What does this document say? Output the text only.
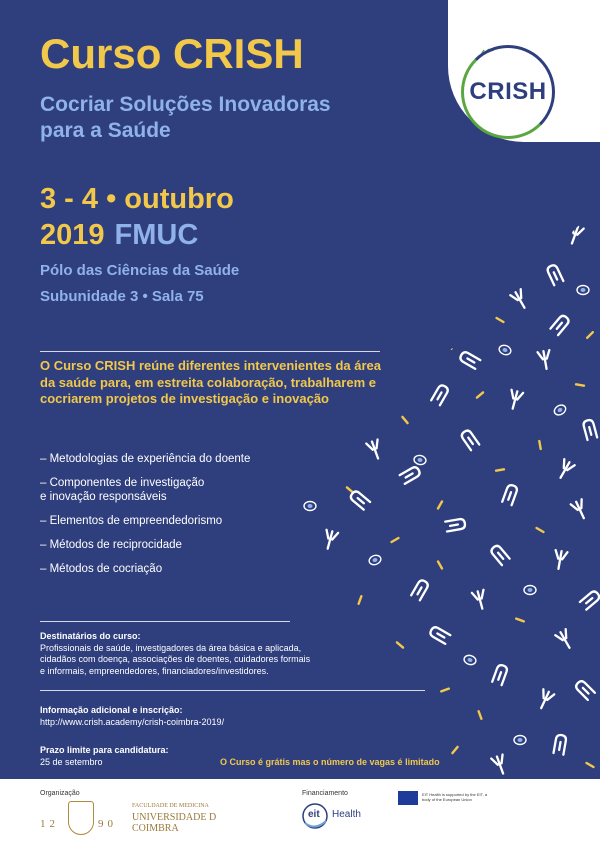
CRISH
Curso CRISH
Cocriar Soluções Inovadoras
para a Saúde
3 - 4 • outubro
2019 FMUC
Pólo das Ciências da Saúde
Subunidade 3 • Sala 75
O Curso CRISH reúne diferentes intervenientes da área da saúde para, em estreita colaboração, trabalharem e cocriarem projetos de investigação e inovação
– Metodologias de experiência do doente
– Componentes de investigação
e inovação responsáveis
– Elementos de empreendedorismo
– Métodos de reciprocidade
– Métodos de cocriação
Destinatários do curso:
Profissionais de saúde, investigadores da área básica e aplicada,
cidadãos com doença, associações de doentes, cuidadores formais
e informais, empreendedores, financiadores/investidores.
Informação adicional e inscrição:
http://www.crish.academy/crish-coimbra-2019/
Prazo limite para candidatura:
25 de setembro	O Curso é grátis mas o número de vagas é limitado
Organização	Financiamento
12	90
FACULDADE DE MEDICINA
UNIVERSIDADE D
COIMBRA
eit Health
EIT Health is supported by the EIT, a body of the European Union
